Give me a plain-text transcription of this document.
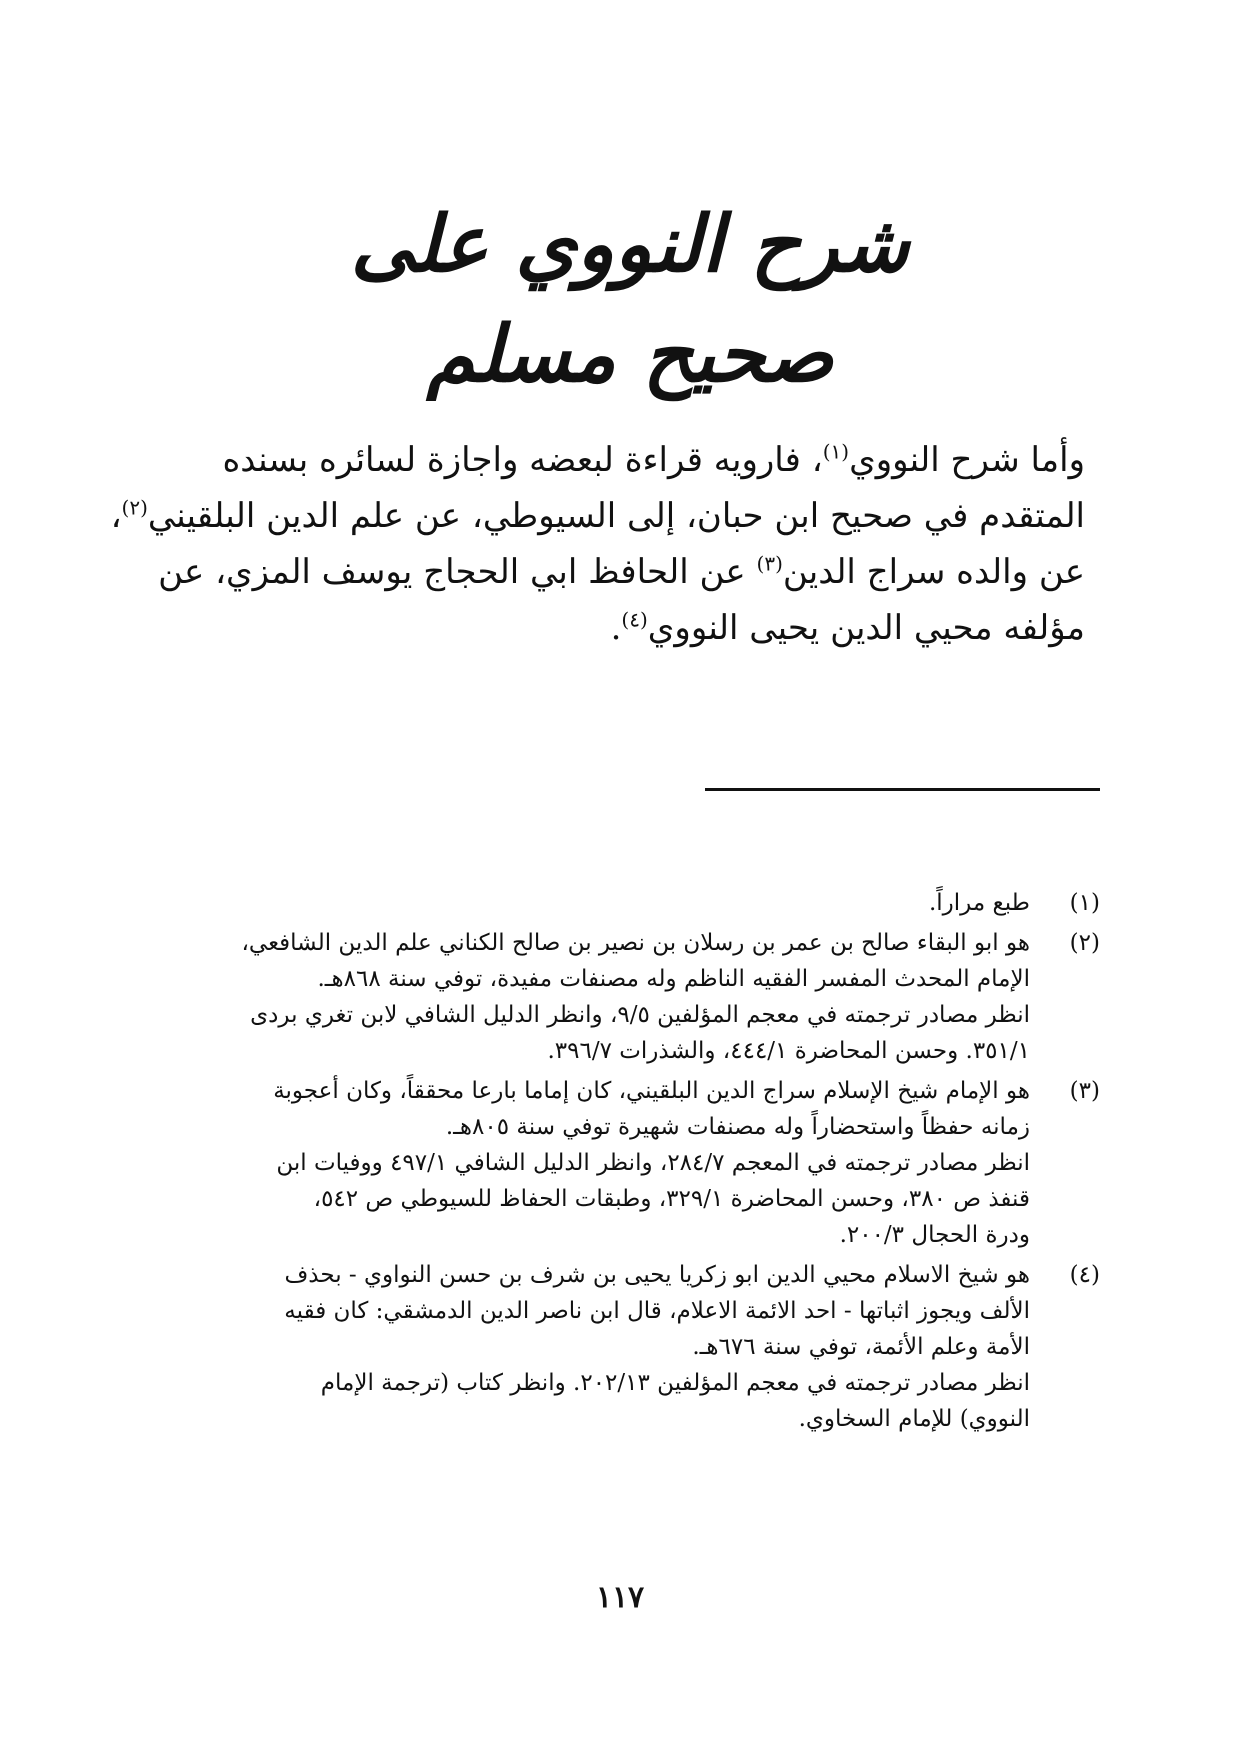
شرح النووي على صحيح مسلم
وأما شرح النووي$^{(١)}$، فارويه قراءة لبعضه واجازة لسائره بسنده
المتقدم في صحيح ابن حبان، إلى السيوطي، عن علم الدين البلقيني$^{(٢)}$،
عن والده سراج الدين$^{(٣)}$ عن الحافظ ابي الحجاج يوسف المزي، عن
مؤلفه محيي الدين يحيى النووي$^{(٤)}$.
(١)
طبع مراراً.
(٢)
هو ابو البقاء صالح بن عمر بن رسلان بن نصير بن صالح الكناني علم الدين الشافعي،
الإمام المحدث المفسر الفقيه الناظم وله مصنفات مفيدة، توفي سنة ٨٦٨هـ.
انظر مصادر ترجمته في معجم المؤلفين ٩/٥، وانظر الدليل الشافي لابن تغري بردى
٣٥١/١. وحسن المحاضرة ٤٤٤/١، والشذرات ٣٩٦/٧.
(٣)
هو الإمام شيخ الإسلام سراج الدين البلقيني، كان إماما بارعا محققاً، وكان أعجوبة
زمانه حفظاً واستحضاراً وله مصنفات شهيرة توفي سنة ٨٠٥هـ.
انظر مصادر ترجمته في المعجم ٢٨٤/٧، وانظر الدليل الشافي ٤٩٧/١ ووفيات ابن
قنفذ ص ٣٨٠، وحسن المحاضرة ٣٢٩/١، وطبقات الحفاظ للسيوطي ص ٥٤٢،
ودرة الحجال ٢٠٠/٣.
(٤)
هو شيخ الاسلام محيي الدين ابو زكريا يحيى بن شرف بن حسن النواوي - بحذف
الألف ويجوز اثباتها - احد الائمة الاعلام، قال ابن ناصر الدين الدمشقي: كان فقيه
الأمة وعلم الأئمة، توفي سنة ٦٧٦هـ.
انظر مصادر ترجمته في معجم المؤلفين ٢٠٢/١٣. وانظر كتاب (ترجمة الإمام
النووي) للإمام السخاوي.
١١٧
